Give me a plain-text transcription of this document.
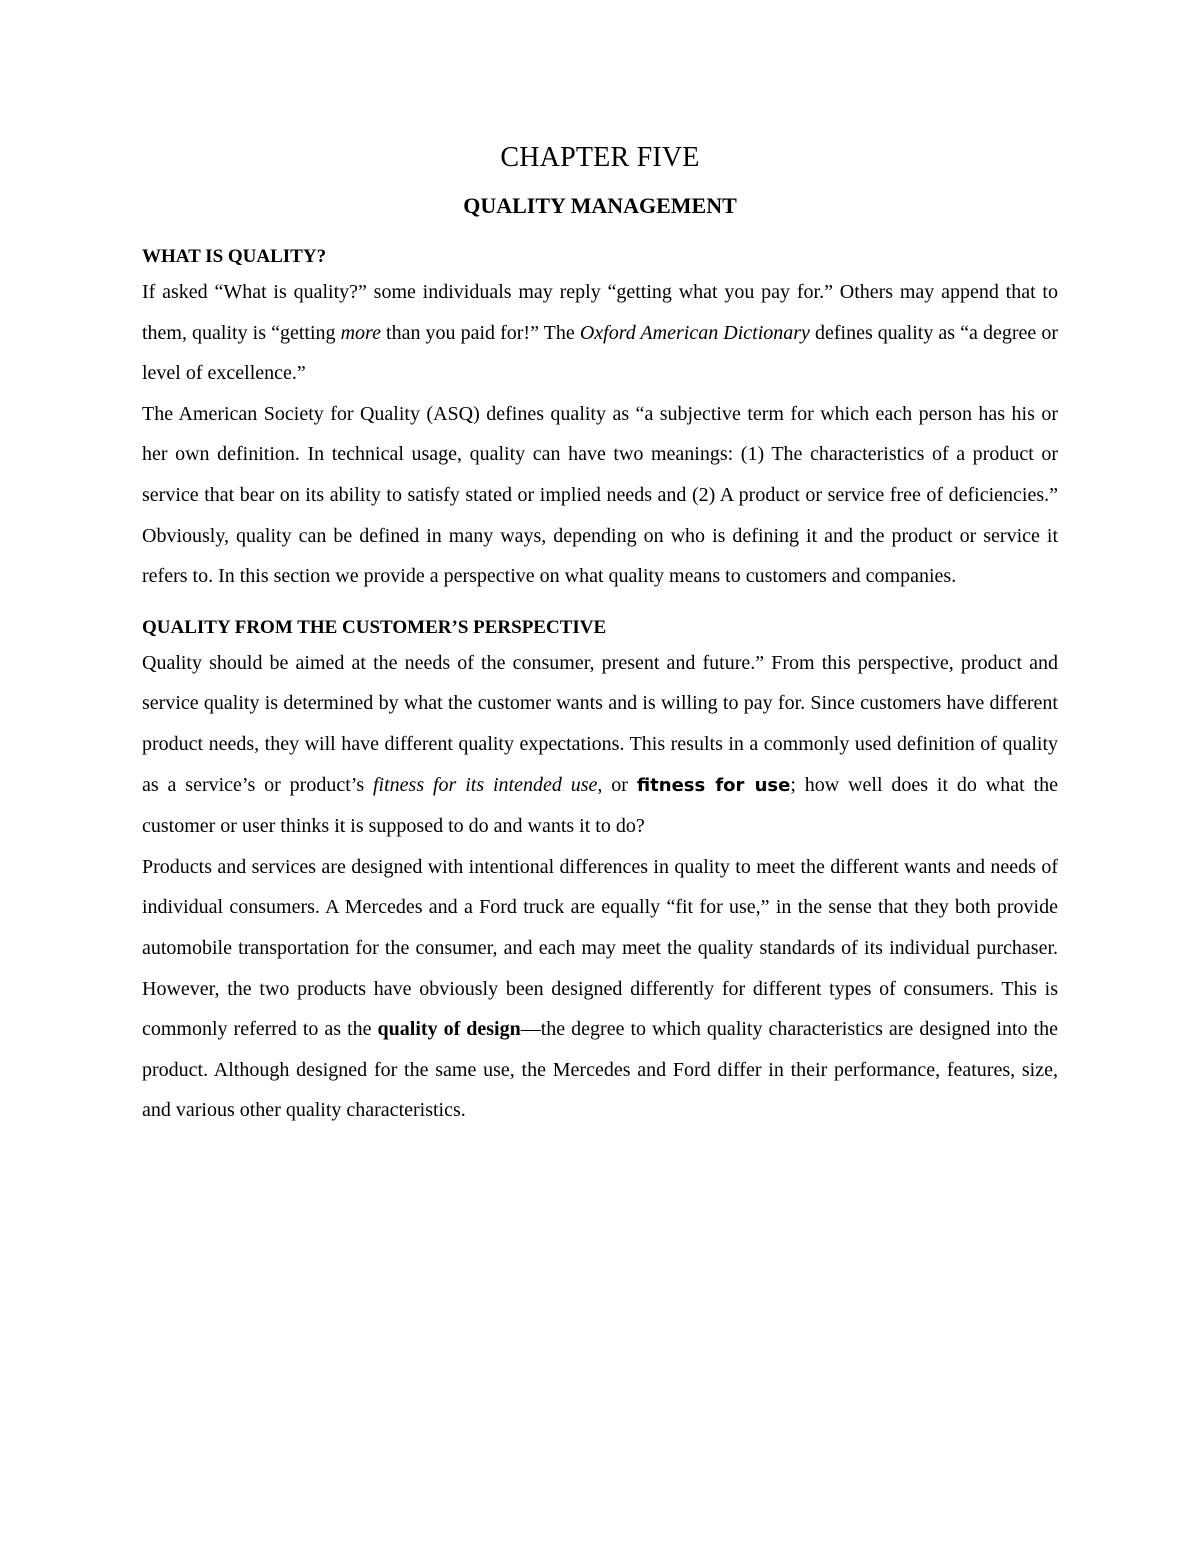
CHAPTER FIVE
QUALITY MANAGEMENT
WHAT IS QUALITY?

If asked “What is quality?” some individuals may reply “getting what you pay for.” Others may append that to them, quality is “getting more than you paid for!” The Oxford American Dictionary defines quality as “a degree or level of excellence.”

The American Society for Quality (ASQ) defines quality as “a subjective term for which each person has his or her own definition. In technical usage, quality can have two meanings: (1) The characteristics of a product or service that bear on its ability to satisfy stated or implied needs and (2) A product or service free of deficiencies.” Obviously, quality can be defined in many ways, depending on who is defining it and the product or service it refers to. In this section we provide a perspective on what quality means to customers and companies.

QUALITY FROM THE CUSTOMER’S PERSPECTIVE

Quality should be aimed at the needs of the consumer, present and future.” From this perspective, product and service quality is determined by what the customer wants and is willing to pay for. Since customers have different product needs, they will have different quality expectations. This results in a commonly used definition of quality as a service’s or product’s fitness for its intended use, or fitness for use; how well does it do what the customer or user thinks it is supposed to do and wants it to do?

Products and services are designed with intentional differences in quality to meet the different wants and needs of individual consumers. A Mercedes and a Ford truck are equally “fit for use,” in the sense that they both provide automobile transportation for the consumer, and each may meet the quality standards of its individual purchaser. However, the two products have obviously been designed differently for different types of consumers. This is commonly referred to as the quality of design—the degree to which quality characteristics are designed into the product. Although designed for the same use, the Mercedes and Ford differ in their performance, features, size, and various other quality characteristics.
